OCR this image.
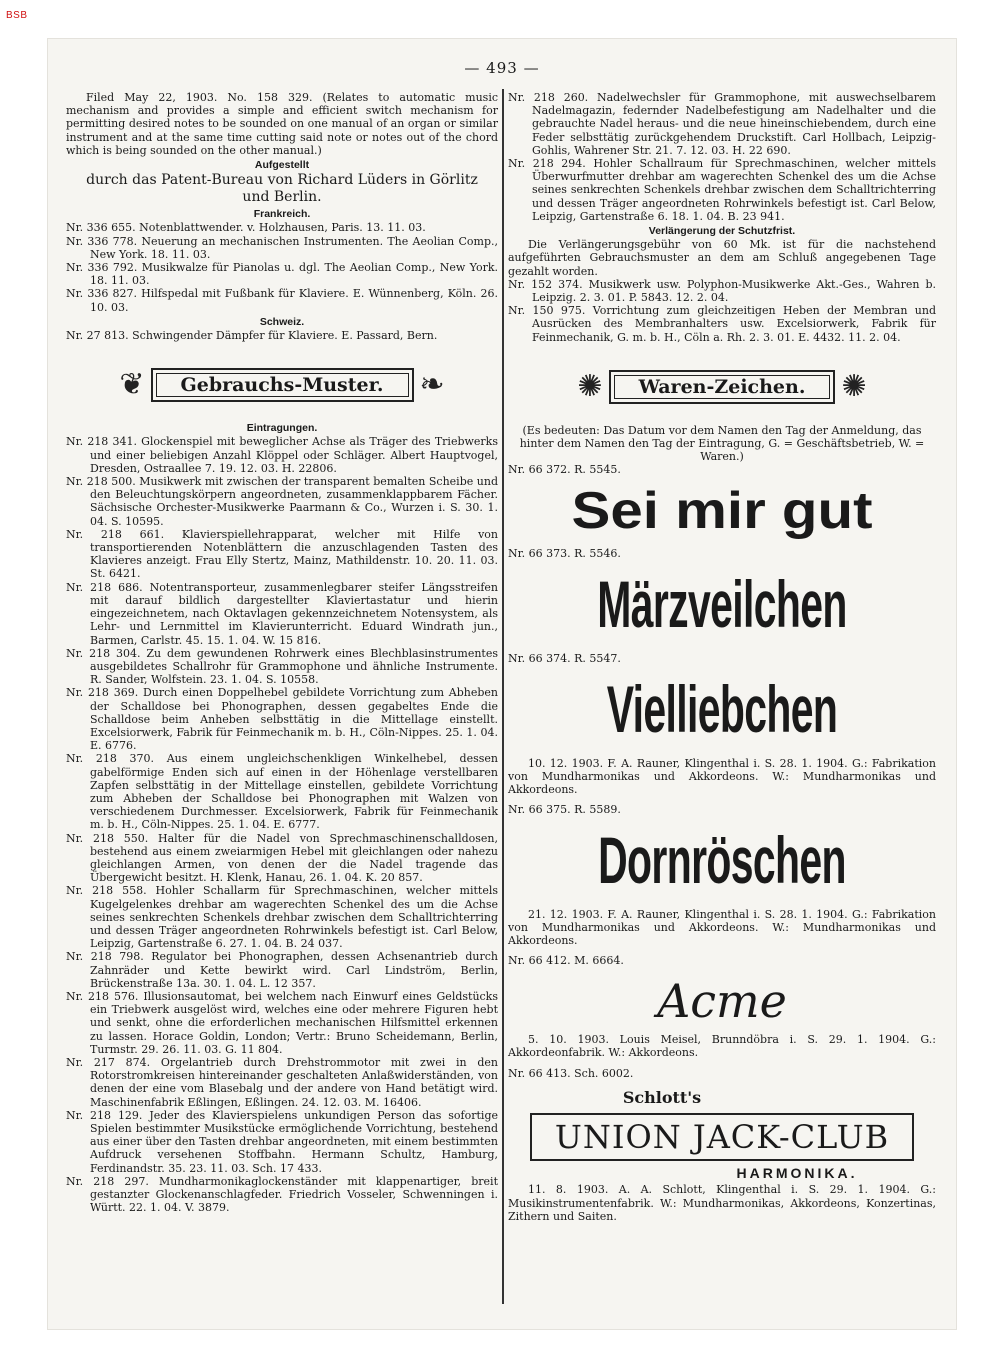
BSB
— 493 —

Filed May 22, 1903. No. 158 329. (Relates to automatic music mechanism and provides a simple and efficient switch mechanism for permitting desired notes to be sounded on one manual of an organ or similar instrument and at the same time cutting said note or notes out of the chord which is being sounded on the other manual.)

Aufgestellt

durch das Patent-Bureau von Richard Lüders in Görlitz

und Berlin.

Frankreich.

Nr. 336 655. Notenblattwender. v. Holzhausen, Paris. 13. 11. 03.

Nr. 336 778. Neuerung an mechanischen Instrumenten. The Aeolian Comp., New York. 18. 11. 03.

Nr. 336 792. Musikwalze für Pianolas u. dgl. The Aeolian Comp., New York. 18. 11. 03.

Nr. 336 827. Hilfspedal mit Fußbank für Klaviere. E. Wünnenberg, Köln. 26. 10. 03.

Schweiz.

Nr. 27 813. Schwingender Dämpfer für Klaviere. E. Passard, Bern.

❦	Gebrauchs-Muster.	❧

Eintragungen.

Nr. 218 341. Glockenspiel mit beweglicher Achse als Träger des Triebwerks und einer beliebigen Anzahl Klöppel oder Schläger. Albert Hauptvogel, Dresden, Ostraallee 7. 19. 12. 03. H. 22806.

Nr. 218 500. Musikwerk mit zwischen der transparent bemalten Scheibe und den Beleuchtungskörpern angeordneten, zusammenklappbarem Fächer. Sächsische Orchester-Musikwerke Paarmann & Co., Wurzen i. S. 30. 1. 04. S. 10595.

Nr. 218 661. Klavierspiellehrapparat, welcher mit Hilfe von transportierenden Notenblättern die anzuschlagenden Tasten des Klavieres anzeigt. Frau Elly Stertz, Mainz, Mathildenstr. 10. 20. 11. 03. St. 6421.

Nr. 218 686. Notentransporteur, zusammenlegbarer steifer Längsstreifen mit darauf bildlich dargestellter Klaviertastatur und hierin eingezeichnetem, nach Oktavlagen gekennzeichnetem Notensystem, als Lehr- und Lernmittel im Klavierunterricht. Eduard Windrath jun., Barmen, Carlstr. 45. 15. 1. 04. W. 15 816.

Nr. 218 304. Zu dem gewundenen Rohrwerk eines Blechblasinstrumentes ausgebildetes Schallrohr für Grammophone und ähnliche Instrumente. R. Sander, Wolfstein. 23. 1. 04. S. 10558.

Nr. 218 369. Durch einen Doppelhebel gebildete Vorrichtung zum Abheben der Schalldose bei Phonographen, dessen gegabeltes Ende die Schalldose beim Anheben selbsttätig in die Mittellage einstellt. Excelsiorwerk, Fabrik für Feinmechanik m. b. H., Cöln-Nippes. 25. 1. 04. E. 6776.

Nr. 218 370. Aus einem ungleichschenkligen Winkelhebel, dessen gabelförmige Enden sich auf einen in der Höhenlage verstellbaren Zapfen selbsttätig in der Mittellage einstellen, gebildete Vorrichtung zum Abheben der Schalldose bei Phonographen mit Walzen von verschiedenem Durchmesser. Excelsiorwerk, Fabrik für Feinmechanik m. b. H., Cöln-Nippes. 25. 1. 04. E. 6777.

Nr. 218 550. Halter für die Nadel von Sprechmaschinenschalldosen, bestehend aus einem zweiarmigen Hebel mit gleichlangen oder nahezu gleichlangen Armen, von denen der die Nadel tragende das Übergewicht besitzt. H. Klenk, Hanau, 26. 1. 04. K. 20 857.

Nr. 218 558. Hohler Schallarm für Sprechmaschinen, welcher mittels Kugelgelenkes drehbar am wagerechten Schenkel des um die Achse seines senkrechten Schenkels drehbar zwischen dem Schalltrichterring und dessen Träger angeordneten Rohrwinkels befestigt ist. Carl Below, Leipzig, Gartenstraße 6. 27. 1. 04. B. 24 037.

Nr. 218 798. Regulator bei Phonographen, dessen Achsenantrieb durch Zahnräder und Kette bewirkt wird. Carl Lindström, Berlin, Brückenstraße 13a. 30. 1. 04. L. 12 357.

Nr. 218 576. Illusionsautomat, bei welchem nach Einwurf eines Geldstücks ein Triebwerk ausgelöst wird, welches eine oder mehrere Figuren hebt und senkt, ohne die erforderlichen mechanischen Hilfsmittel erkennen zu lassen. Horace Goldin, London; Vertr.: Bruno Scheidemann, Berlin, Turmstr. 29. 26. 11. 03. G. 11 804.

Nr. 217 874. Orgelantrieb durch Drehstrommotor mit zwei in den Rotorstromkreisen hintereinander geschalteten Anlaßwiderständen, von denen der eine vom Blasebalg und der andere von Hand betätigt wird. Maschinenfabrik Eßlingen, Eßlingen. 24. 12. 03. M. 16406.

Nr. 218 129. Jeder des Klavierspielens unkundigen Person das sofortige Spielen bestimmter Musikstücke ermöglichende Vorrichtung, bestehend aus einer über den Tasten drehbar angeordneten, mit einem bestimmten Aufdruck versehenen Stoffbahn. Hermann Schultz, Hamburg, Ferdinandstr. 35. 23. 11. 03. Sch. 17 433.

Nr. 218 297. Mundharmonikaglockenständer mit klappenartiger, breit gestanzter Glockenanschlagfeder. Friedrich Vosseler, Schwenningen i. Württ. 22. 1. 04. V. 3879.

Nr. 218 260. Nadelwechsler für Grammophone, mit auswechselbarem Nadelmagazin, federnder Nadelbefestigung am Nadelhalter und die gebrauchte Nadel heraus- und die neue hineinschiebendem, durch eine Feder selbsttätig zurückgehendem Druckstift. Carl Hollbach, Leipzig-Gohlis, Wahrener Str. 21. 7. 12. 03. H. 22 690.

Nr. 218 294. Hohler Schallraum für Sprechmaschinen, welcher mittels Überwurfmutter drehbar am wagerechten Schenkel des um die Achse seines senkrechten Schenkels drehbar zwischen dem Schalltrichterring und dessen Träger angeordneten Rohrwinkels befestigt ist. Carl Below, Leipzig, Gartenstraße 6. 18. 1. 04. B. 23 941.

Verlängerung der Schutzfrist.

Die Verlängerungsgebühr von 60 Mk. ist für die nachstehend aufgeführten Gebrauchsmuster an dem am Schluß angegebenen Tage gezahlt worden.

Nr. 152 374. Musikwerk usw. Polyphon-Musikwerke Akt.-Ges., Wahren b. Leipzig. 2. 3. 01. P. 5843. 12. 2. 04.

Nr. 150 975. Vorrichtung zum gleichzeitigen Heben der Membran und Ausrücken des Membranhalters usw. Excelsiorwerk, Fabrik für Feinmechanik, G. m. b. H., Cöln a. Rh. 2. 3. 01. E. 4432. 11. 2. 04.

✺	Waren-Zeichen.	✺

(Es bedeuten: Das Datum vor dem Namen den Tag der Anmeldung, das hinter dem Namen den Tag der Eintragung, G. = Geschäftsbetrieb, W. = Waren.)

Nr. 66 372. R. 5545.

Sei mir gut

Nr. 66 373. R. 5546.

Märzveilchen

Nr. 66 374. R. 5547.

Vielliebchen

10. 12. 1903. F. A. Rauner, Klingenthal i. S. 28. 1. 1904. G.: Fabrikation von Mundharmonikas und Akkordeons. W.: Mundharmonikas und Akkordeons.

Nr. 66 375. R. 5589.

Dornröschen

21. 12. 1903. F. A. Rauner, Klingenthal i. S. 28. 1. 1904. G.: Fabrikation von Mundharmonikas und Akkordeons. W.: Mundharmonikas und Akkordeons.

Nr. 66 412. M. 6664.

Acme

5. 10. 1903. Louis Meisel, Brunndöbra i. S. 29. 1. 1904. G.: Akkordeonfabrik. W.: Akkordeons.

Nr. 66 413. Sch. 6002.

Schlott's
UNION JACK-CLUB
HARMONIKA.

11. 8. 1903. A. A. Schlott, Klingenthal i. S. 29. 1. 1904. G.: Musikinstrumentenfabrik. W.: Mundharmonikas, Akkordeons, Konzertinas, Zithern und Saiten.
